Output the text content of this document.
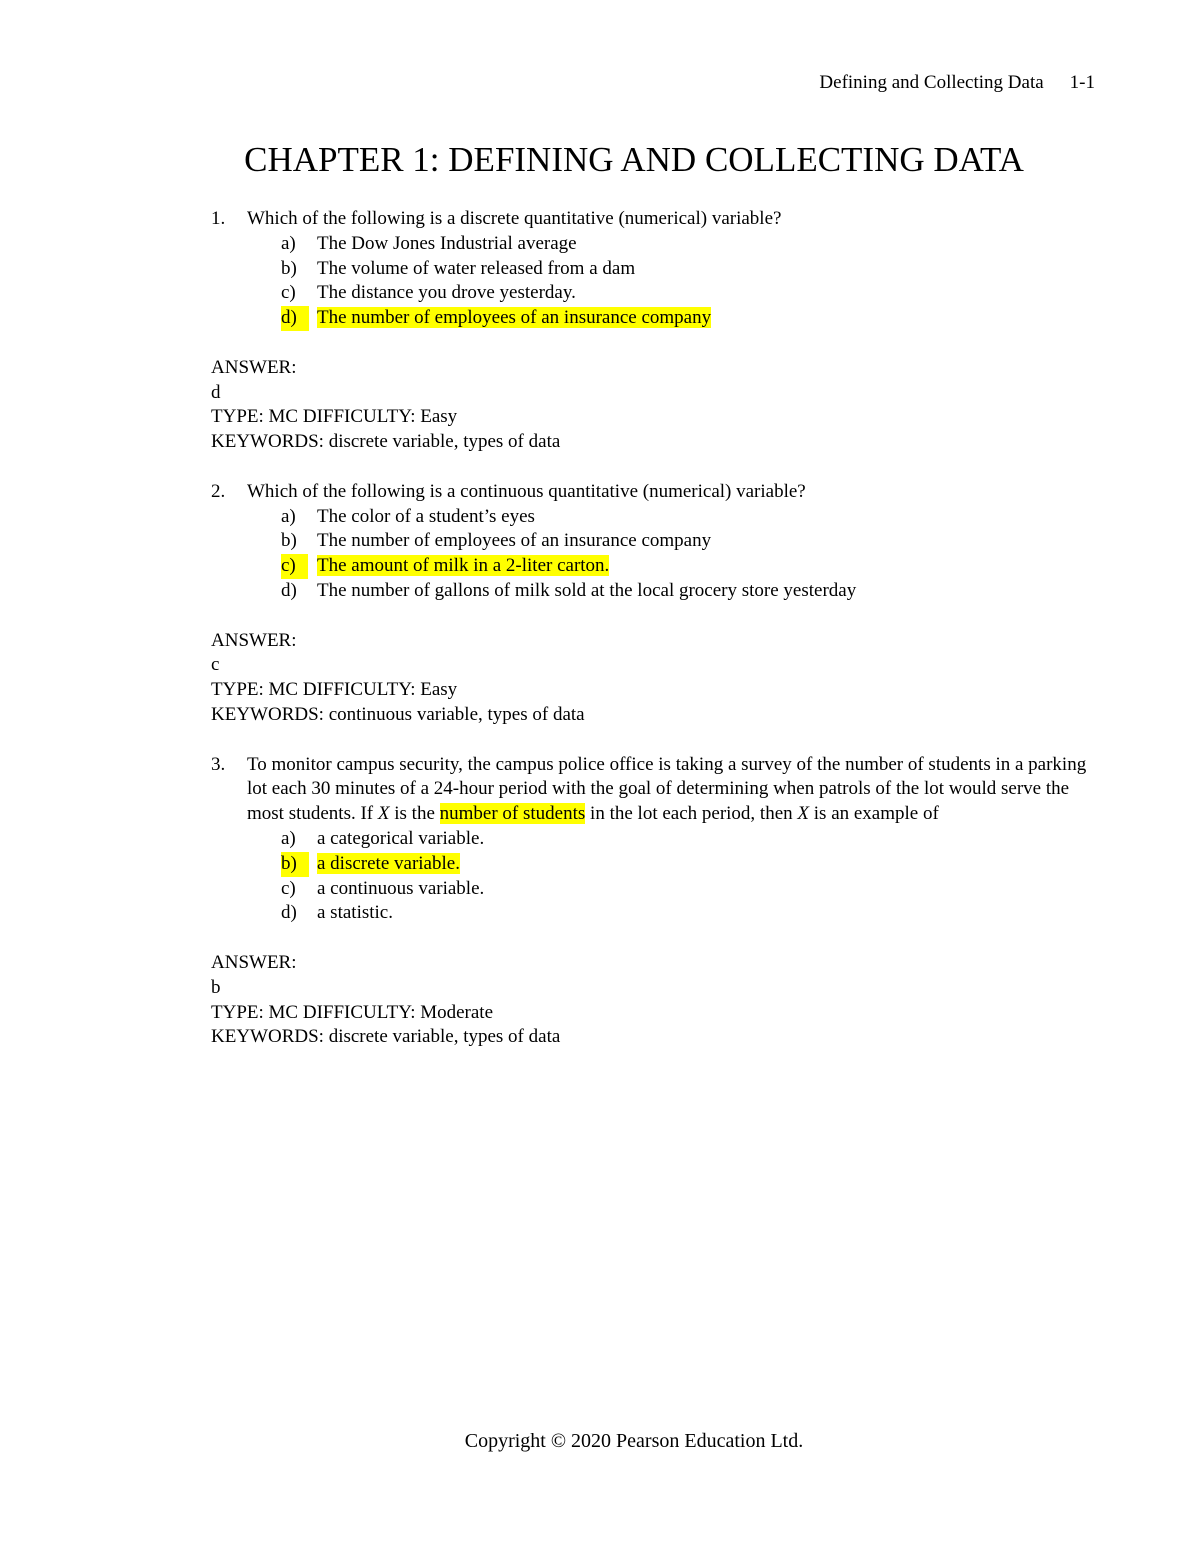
Defining and Collecting Data 1-1
CHAPTER 1: DEFINING AND COLLECTING DATA
1. Which of the following is a discrete quantitative (numerical) variable?
a) The Dow Jones Industrial average
b) The volume of water released from a dam
c) The distance you drove yesterday.
d)	The number of employees of an insurance company
ANSWER:
d
TYPE: MC DIFFICULTY: Easy
KEYWORDS: discrete variable, types of data
2. Which of the following is a continuous quantitative (numerical) variable?
a) The color of a student’s eyes
b) The number of employees of an insurance company
c)	The amount of milk in a 2-liter carton.
d) The number of gallons of milk sold at the local grocery store yesterday
ANSWER:
c
TYPE: MC DIFFICULTY: Easy
KEYWORDS: continuous variable, types of data
3. To monitor campus security, the campus police office is taking a survey of the number of students in a parking lot each 30 minutes of a 24-hour period with the goal of determining when patrols of the lot would serve the most students. If X is the number of students in the lot each period, then X is an example of
a) a categorical variable.
b)	a discrete variable.
c) a continuous variable.
d) a statistic.
ANSWER:
b
TYPE: MC DIFFICULTY: Moderate
KEYWORDS: discrete variable, types of data
Copyright © 2020 Pearson Education Ltd.
